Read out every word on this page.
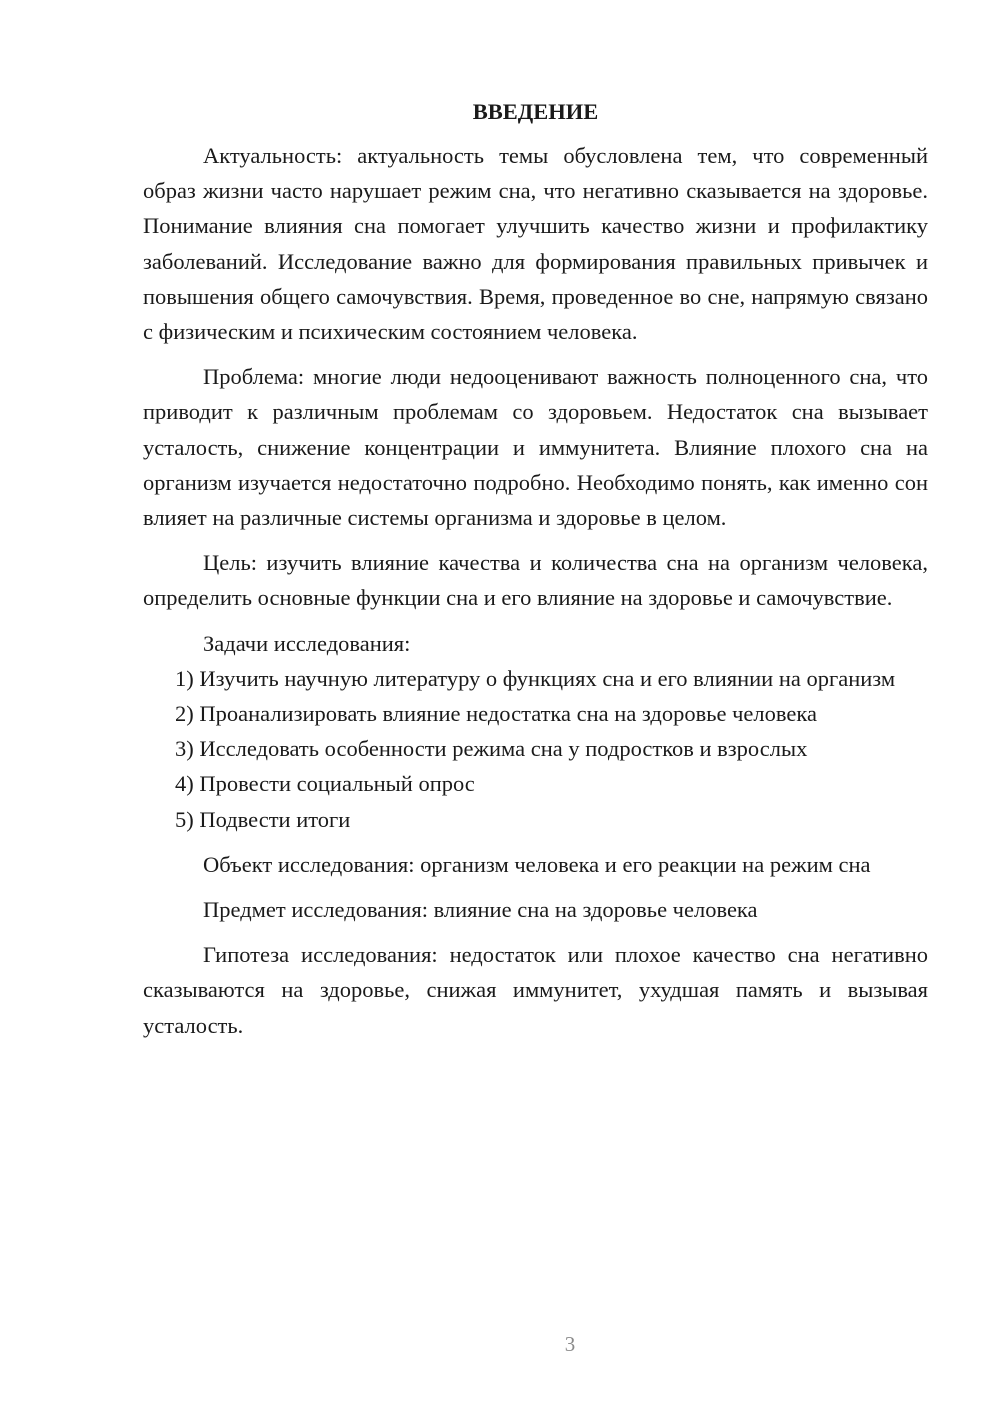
ВВЕДЕНИЕ

Актуальность: актуальность темы обусловлена тем, что современный образ жизни часто нарушает режим сна, что негативно сказывается на здоровье. Понимание влияния сна помогает улучшить качество жизни и профилактику заболеваний. Исследование важно для формирования правильных привычек и повышения общего самочувствия. Время, проведенное во сне, напрямую связано с физическим и психическим состоянием человека.

Проблема: многие люди недооценивают важность полноценного сна, что приводит к различным проблемам со здоровьем. Недостаток сна вызывает усталость, снижение концентрации и иммунитета. Влияние плохого сна на организм изучается недостаточно подробно. Необходимо понять, как именно сон влияет на различные системы организма и здоровье в целом.

Цель: изучить влияние качества и количества сна на организм человека, определить основные функции сна и его влияние на здоровье и самочувствие.

Задачи исследования:

1) Изучить научную литературу о функциях сна и его влиянии на организм

2) Проанализировать влияние недостатка сна на здоровье человека

3) Исследовать особенности режима сна у подростков и взрослых

4) Провести социальный опрос

5) Подвести итоги

Объект исследования: организм человека и его реакции на режим сна

Предмет исследования: влияние сна на здоровье человека

Гипотеза исследования: недостаток или плохое качество сна негативно сказываются на здоровье, снижая иммунитет, ухудшая память и вызывая усталость.

3
